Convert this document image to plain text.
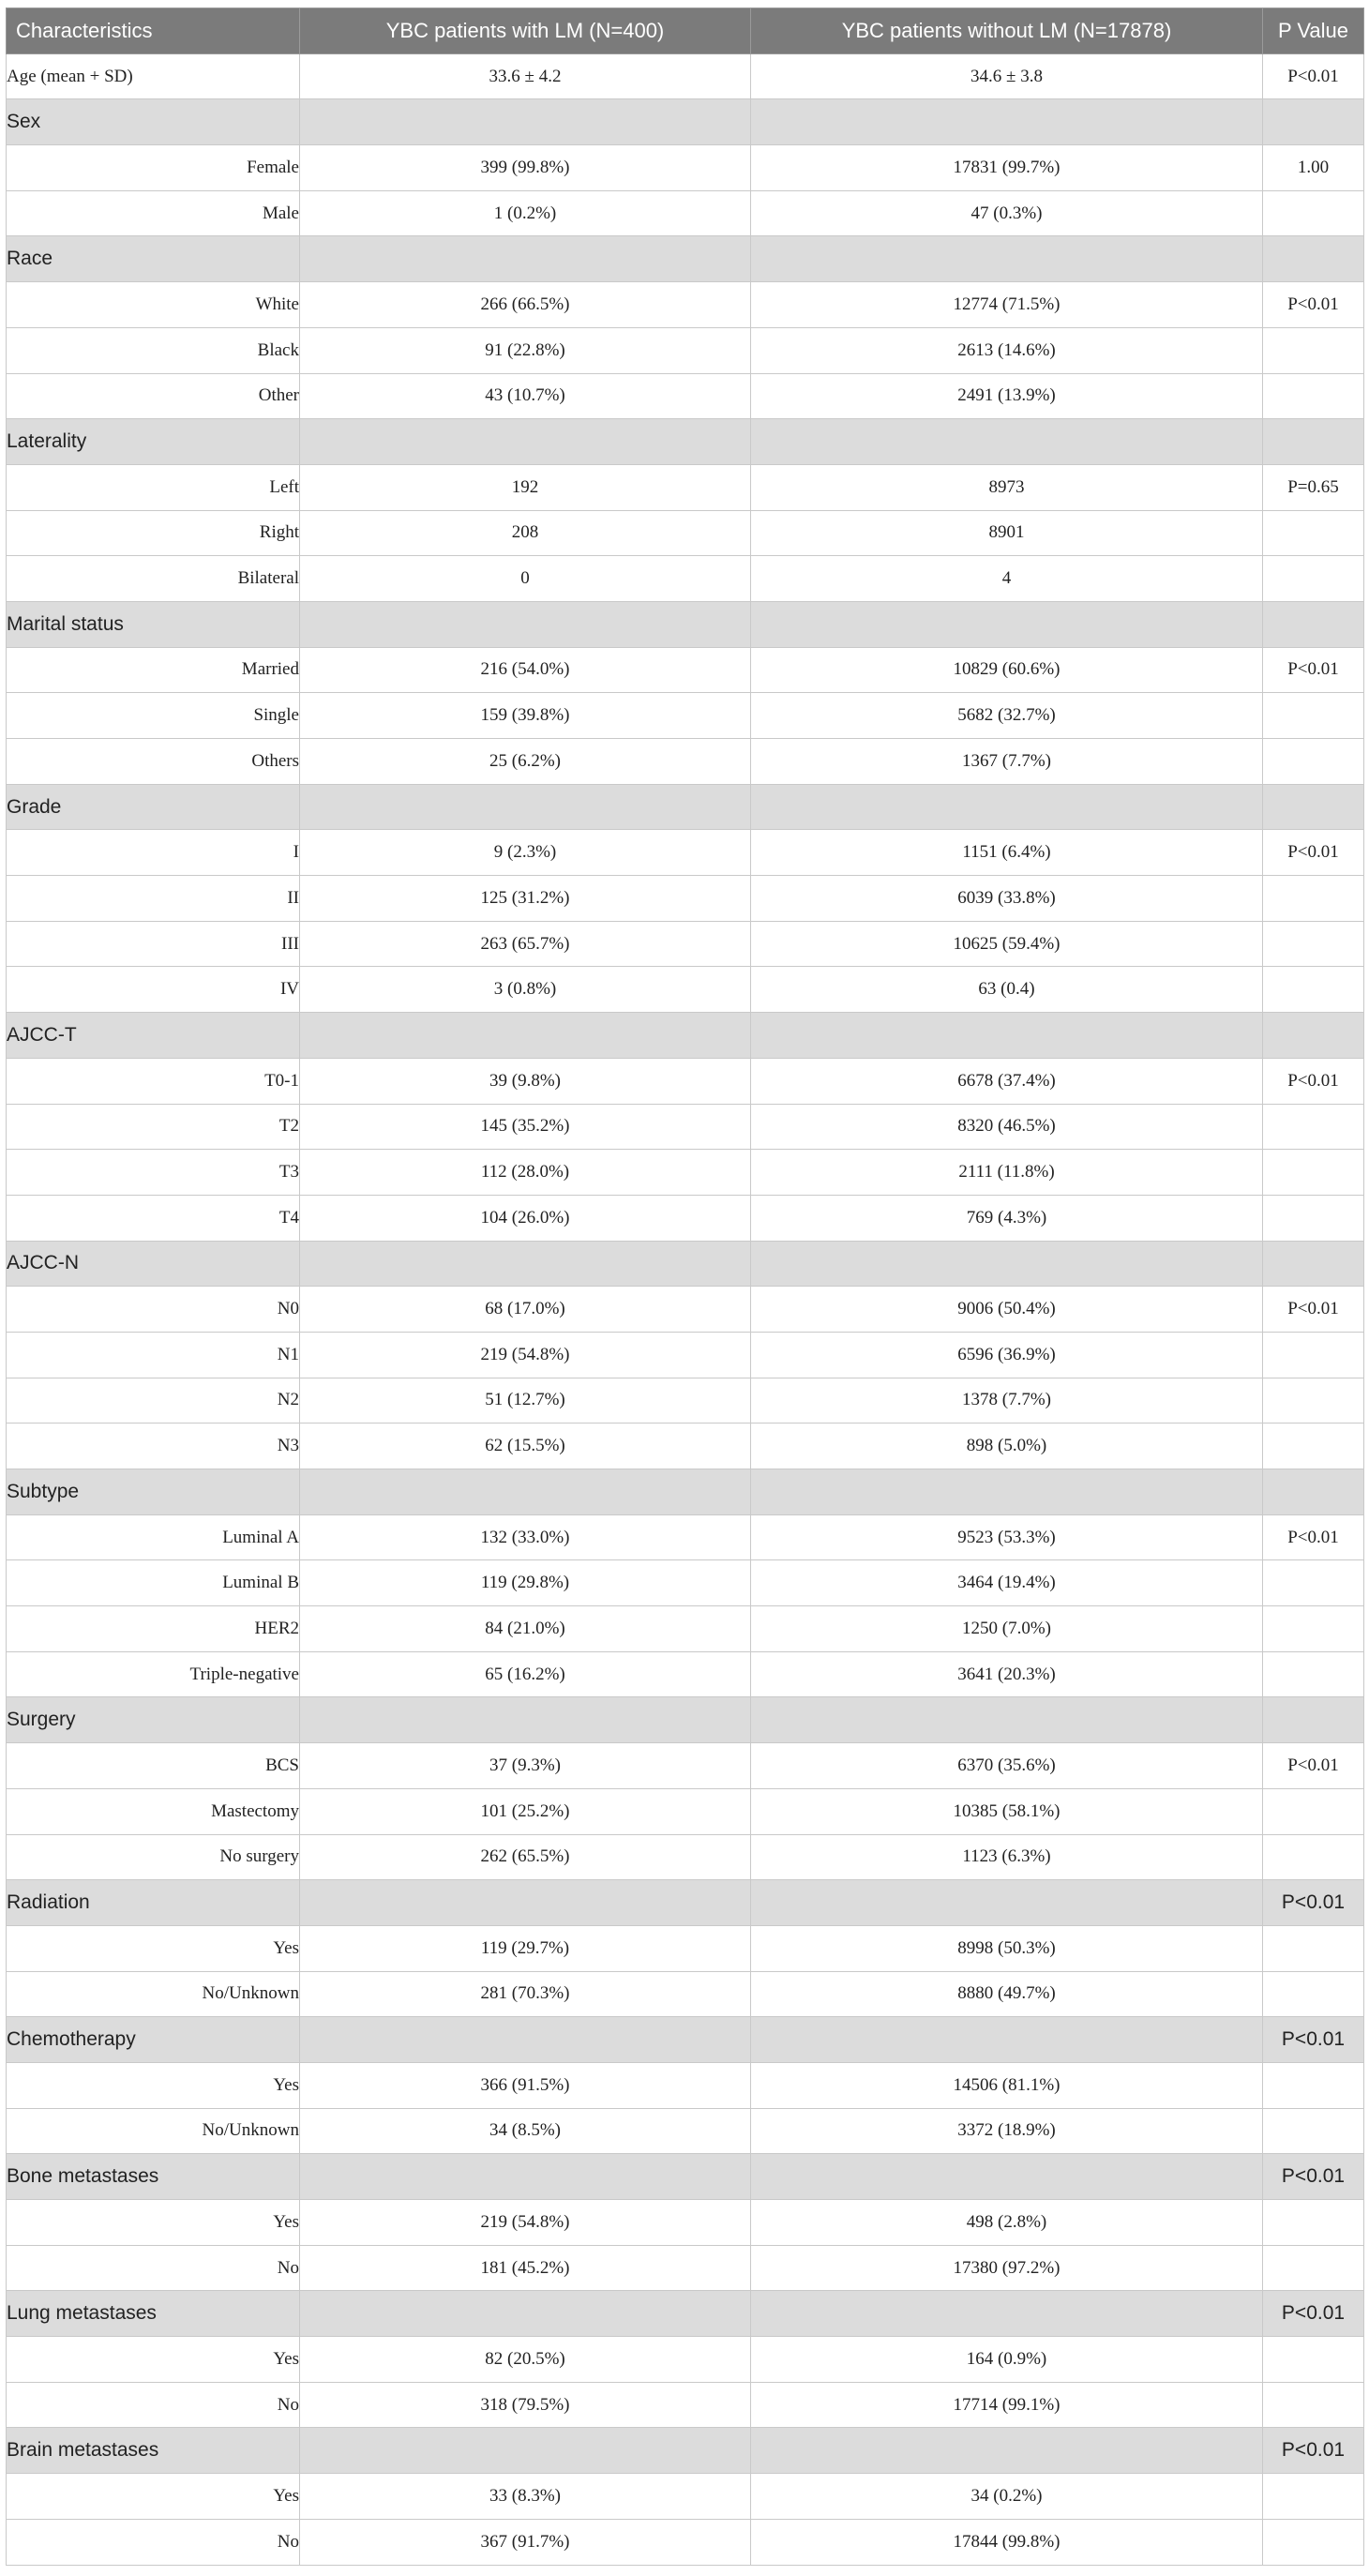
Characteristics	YBC patients with LM (N=400)	YBC patients without LM (N=17878)	P Value
Age (mean + SD)	33.6 ± 4.2	34.6 ± 3.8	P<0.01
Sex			
Female	399 (99.8%)	17831 (99.7%)	1.00
Male	1 (0.2%)	47 (0.3%)	
Race			
White	266 (66.5%)	12774 (71.5%)	P<0.01
Black	91 (22.8%)	2613 (14.6%)	
Other	43 (10.7%)	2491 (13.9%)	
Laterality			
Left	192	8973	P=0.65
Right	208	8901	
Bilateral	0	4	
Marital status			
Married	216 (54.0%)	10829 (60.6%)	P<0.01
Single	159 (39.8%)	5682 (32.7%)	
Others	25 (6.2%)	1367 (7.7%)	
Grade			
I	9 (2.3%)	1151 (6.4%)	P<0.01
II	125 (31.2%)	6039 (33.8%)	
III	263 (65.7%)	10625 (59.4%)	
IV	3 (0.8%)	63 (0.4)	
AJCC-T			
T0-1	39 (9.8%)	6678 (37.4%)	P<0.01
T2	145 (35.2%)	8320 (46.5%)	
T3	112 (28.0%)	2111 (11.8%)	
T4	104 (26.0%)	769 (4.3%)	
AJCC-N			
N0	68 (17.0%)	9006 (50.4%)	P<0.01
N1	219 (54.8%)	6596 (36.9%)	
N2	51 (12.7%)	1378 (7.7%)	
N3	62 (15.5%)	898 (5.0%)	
Subtype			
Luminal A	132 (33.0%)	9523 (53.3%)	P<0.01
Luminal B	119 (29.8%)	3464 (19.4%)	
HER2	84 (21.0%)	1250 (7.0%)	
Triple-negative	65 (16.2%)	3641 (20.3%)	
Surgery			
BCS	37 (9.3%)	6370 (35.6%)	P<0.01
Mastectomy	101 (25.2%)	10385 (58.1%)	
No surgery	262 (65.5%)	1123 (6.3%)	
Radiation			P<0.01
Yes	119 (29.7%)	8998 (50.3%)	
No/Unknown	281 (70.3%)	8880 (49.7%)	
Chemotherapy			P<0.01
Yes	366 (91.5%)	14506 (81.1%)	
No/Unknown	34 (8.5%)	3372 (18.9%)	
Bone metastases			P<0.01
Yes	219 (54.8%)	498 (2.8%)	
No	181 (45.2%)	17380 (97.2%)	
Lung metastases			P<0.01
Yes	82 (20.5%)	164 (0.9%)	
No	318 (79.5%)	17714 (99.1%)	
Brain metastases			P<0.01
Yes	33 (8.3%)	34 (0.2%)	
No	367 (91.7%)	17844 (99.8%)	
